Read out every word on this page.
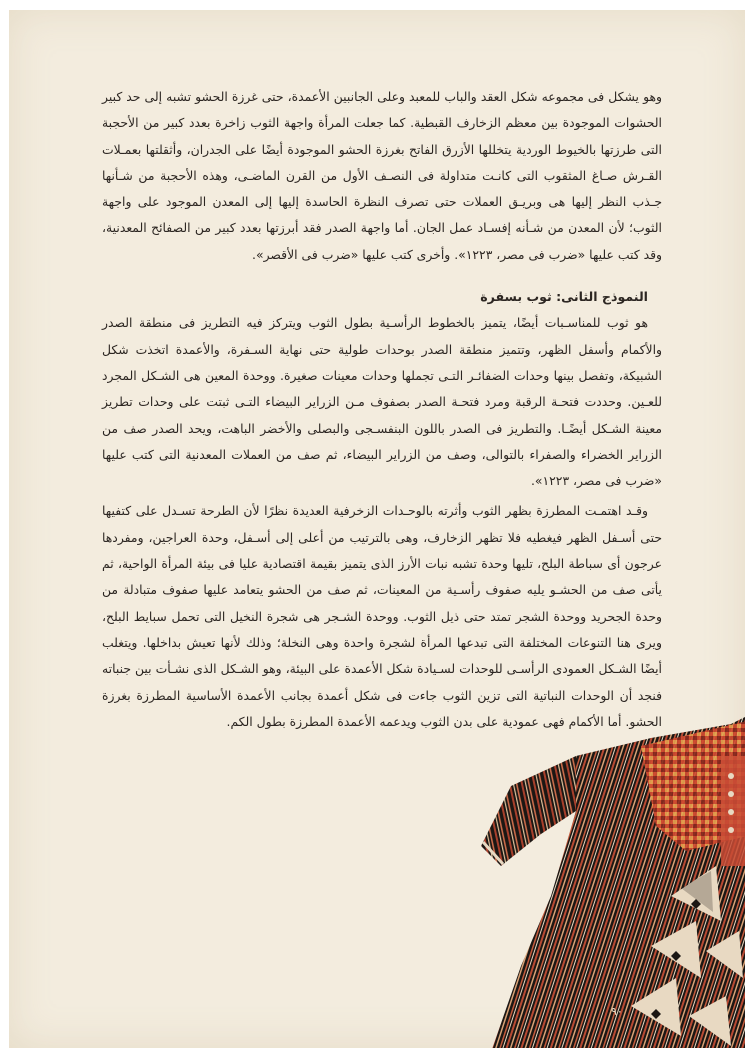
وهو يشكل فى مجموعه شكل العقد والباب للمعبد وعلى الجانبين الأعمدة، حتى غرزة الحشو تشبه إلى حد كبير الحشوات الموجودة بين معظم الزخارف القبطية. كما جعلت المرأة واجهة الثوب زاخرة بعدد كبير من الأحجبة التى طرزتها بالخيوط الوردية يتخللها الأزرق الفاتح بغرزة الحشو الموجودة أيضًا على الجدران، وأثقلتها بعمـلات القـرش صـاغ المثقوب التى كانـت متداولة فى النصـف الأول من القرن الماضـى، وهذه الأحجبة من شـأنها جـذب النظر إليها هى وبريـق العملات حتى تصرف النظرة الحاسدة إليها إلى المعدن الموجود على واجهة الثوب؛ لأن المعدن من شـأنه إفسـاد عمل الجان. أما واجهة الصدر فقد أبرزتها بعدد كبير من الصفائح المعدنية، وقد كتب عليها «ضرب فى مصر، ١٢٢٣». وأخرى كتب عليها «ضرب فى الأقصر».

النموذج الثانى: ثوب بسفرة

هو ثوب للمناسـبات أيضًا، يتميز بالخطوط الرأسـية بطول الثوب ويتركز فيه التطريز فى منطقة الصدر والأكمام وأسفل الظهر، وتتميز منطقة الصدر بوحدات طولية حتى نهاية السـفرة، والأعمدة اتخذت شكل الشبيكة، وتفصل بينها وحدات الضفائـر التـى تجملها وحدات معينات صغيرة. ووحدة المعين هى الشـكل المجرد للعـين. وحددت فتحـة الرقبة ومرد فتحـة الصدر بصفوف مـن الزراير البيضاء التـى ثبتت على وحدات تطريز معينة الشـكل أيضًـا. والتطريز فى الصدر باللون البنفسـجى والبصلى والأخضر الباهت، ويحد الصدر صف من الزراير الخضراء والصفراء بالتوالى، وصف من الزراير البيضاء، ثم صف من العملات المعدنية التى كتب عليها «ضرب فى مصر، ١٢٢٣».

وقـد اهتمـت المطرزة بظهر الثوب وأثرته بالوحـدات الزخرفية العديدة نظرًا لأن الطرحة تسـدل على كتفيها حتى أسـفل الظهر فيغطيه فلا تظهر الزخارف، وهى بالترتيب من أعلى إلى أسـفل، وحدة العراجين، ومفردها عرجون أى سباطة البلح، تليها وحدة تشبه نبات الأرز الذى يتميز بقيمة اقتصادية عليا فى بيئة المرأة الواحية، ثم يأتى صف من الحشـو يليه صفوف رأسـية من المعينات، ثم صف من الحشو يتعامد عليها صفوف متبادلة من وحدة الجحريد ووحدة الشجر تمتد حتى ذيل الثوب. ووحدة الشـجر هى شجرة النخيل التى تحمل سبايط البلح، ويرى هنا التنوعات المختلفة التى تبدعها المرأة لشجرة واحدة وهى النخلة؛ وذلك لأنها تعيش بداخلها. ويتغلب أيضًا الشـكل العمودى الرأسـى للوحدات لسـيادة شكل الأعمدة على البيئة، وهو الشـكل الذى نشـأت بين جنباته فنجد أن الوحدات النباتية التى تزين الثوب جاءت فى شكل أعمدة بجانب الأعمدة الأساسية المطرزة بغرزة الحشو. أما الأكمام فهى عمودية على بدن الثوب ويدعمه الأعمدة المطرزة بطول الكم.

٩٠
